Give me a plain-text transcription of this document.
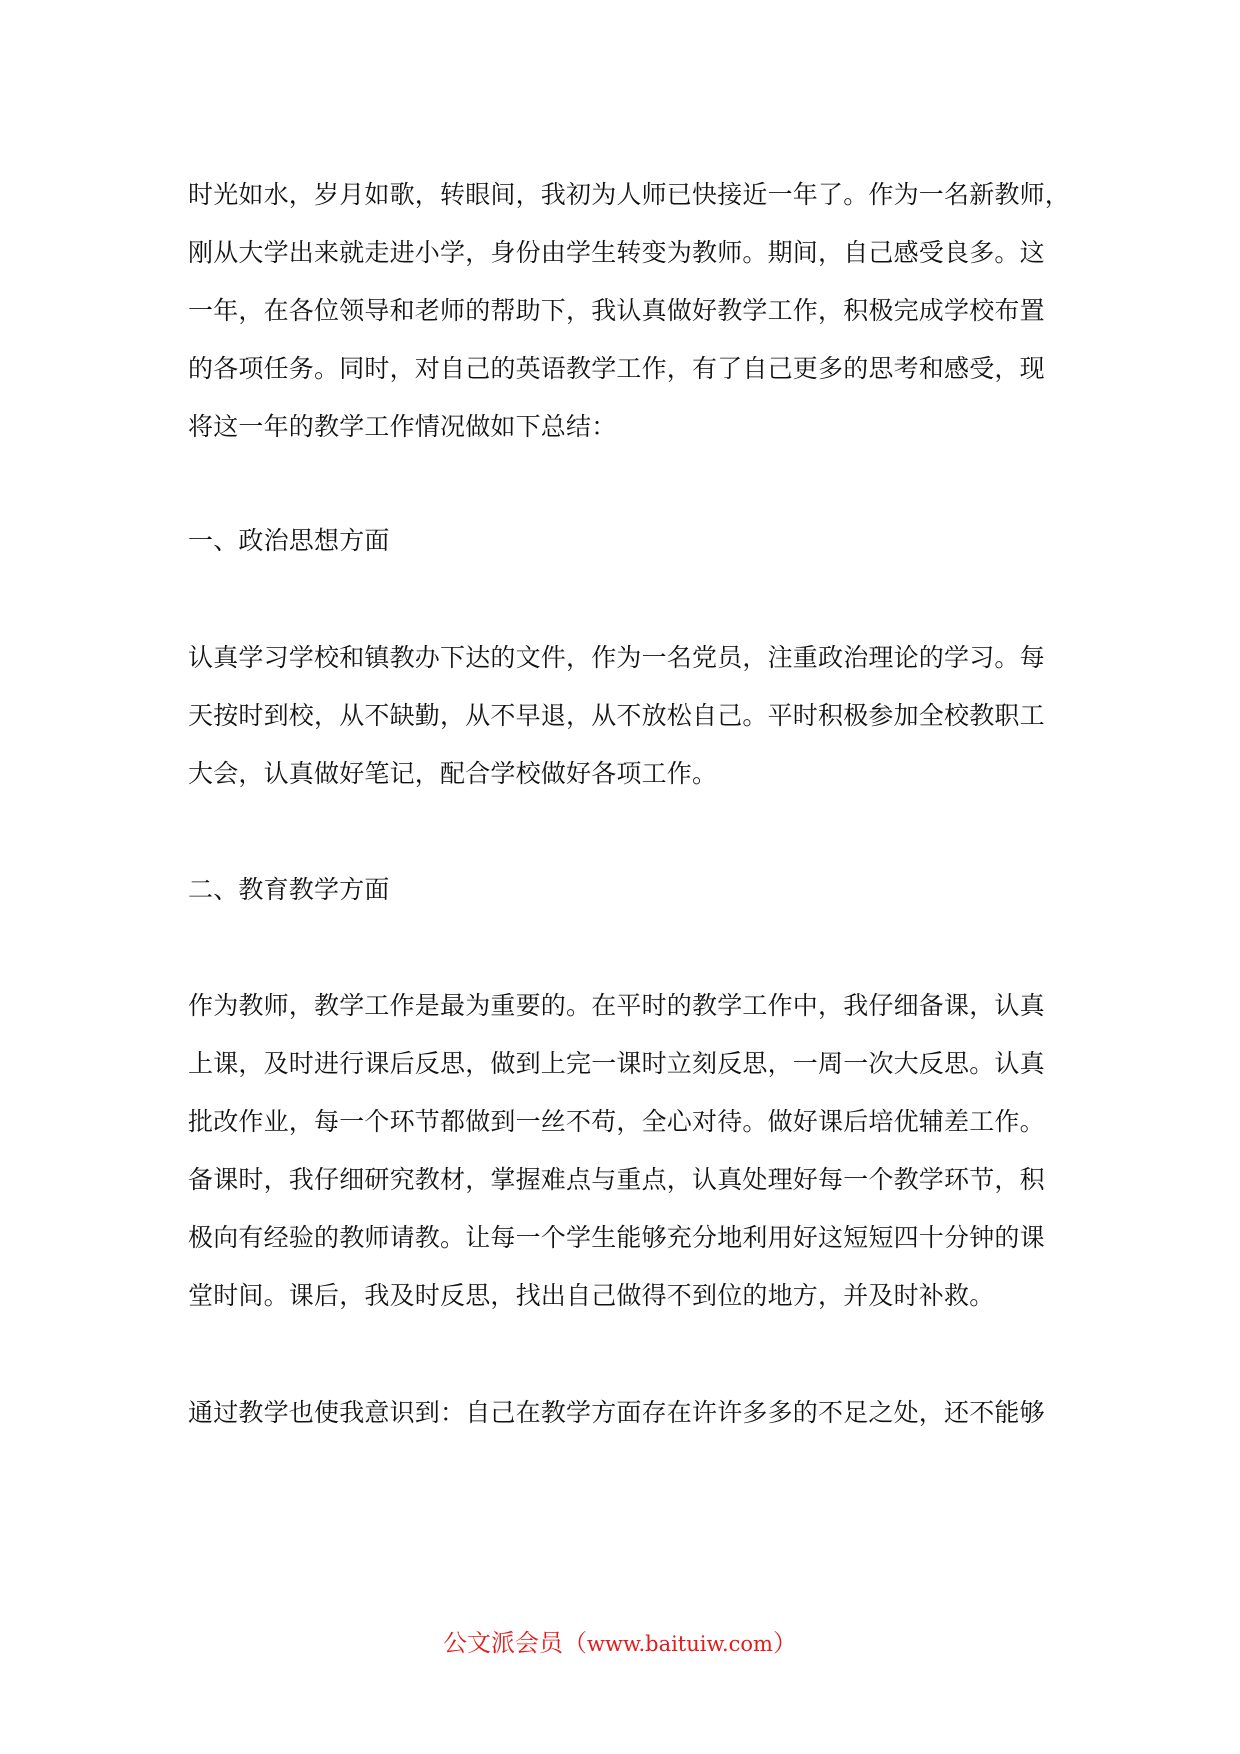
时光如水，岁月如歌，转眼间，我初为人师已快接近一年了。作为一名新教师，
刚从大学出来就走进小学，身份由学生转变为教师。期间，自己感受良多。这
一年，在各位领导和老师的帮助下，我认真做好教学工作，积极完成学校布置
的各项任务。同时，对自己的英语教学工作，有了自己更多的思考和感受，现
将这一年的教学工作情况做如下总结：
一、政治思想方面
认真学习学校和镇教办下达的文件，作为一名党员，注重政治理论的学习。每
天按时到校，从不缺勤，从不早退，从不放松自己。平时积极参加全校教职工
大会，认真做好笔记，配合学校做好各项工作。
二、教育教学方面
作为教师，教学工作是最为重要的。在平时的教学工作中，我仔细备课，认真
上课，及时进行课后反思，做到上完一课时立刻反思，一周一次大反思。认真
批改作业，每一个环节都做到一丝不苟，全心对待。做好课后培优辅差工作。
备课时，我仔细研究教材，掌握难点与重点，认真处理好每一个教学环节，积
极向有经验的教师请教。让每一个学生能够充分地利用好这短短四十分钟的课
堂时间。课后，我及时反思，找出自己做得不到位的地方，并及时补救。
通过教学也使我意识到：自己在教学方面存在许许多多的不足之处，还不能够
公文派会员（www.baituiw.com）
